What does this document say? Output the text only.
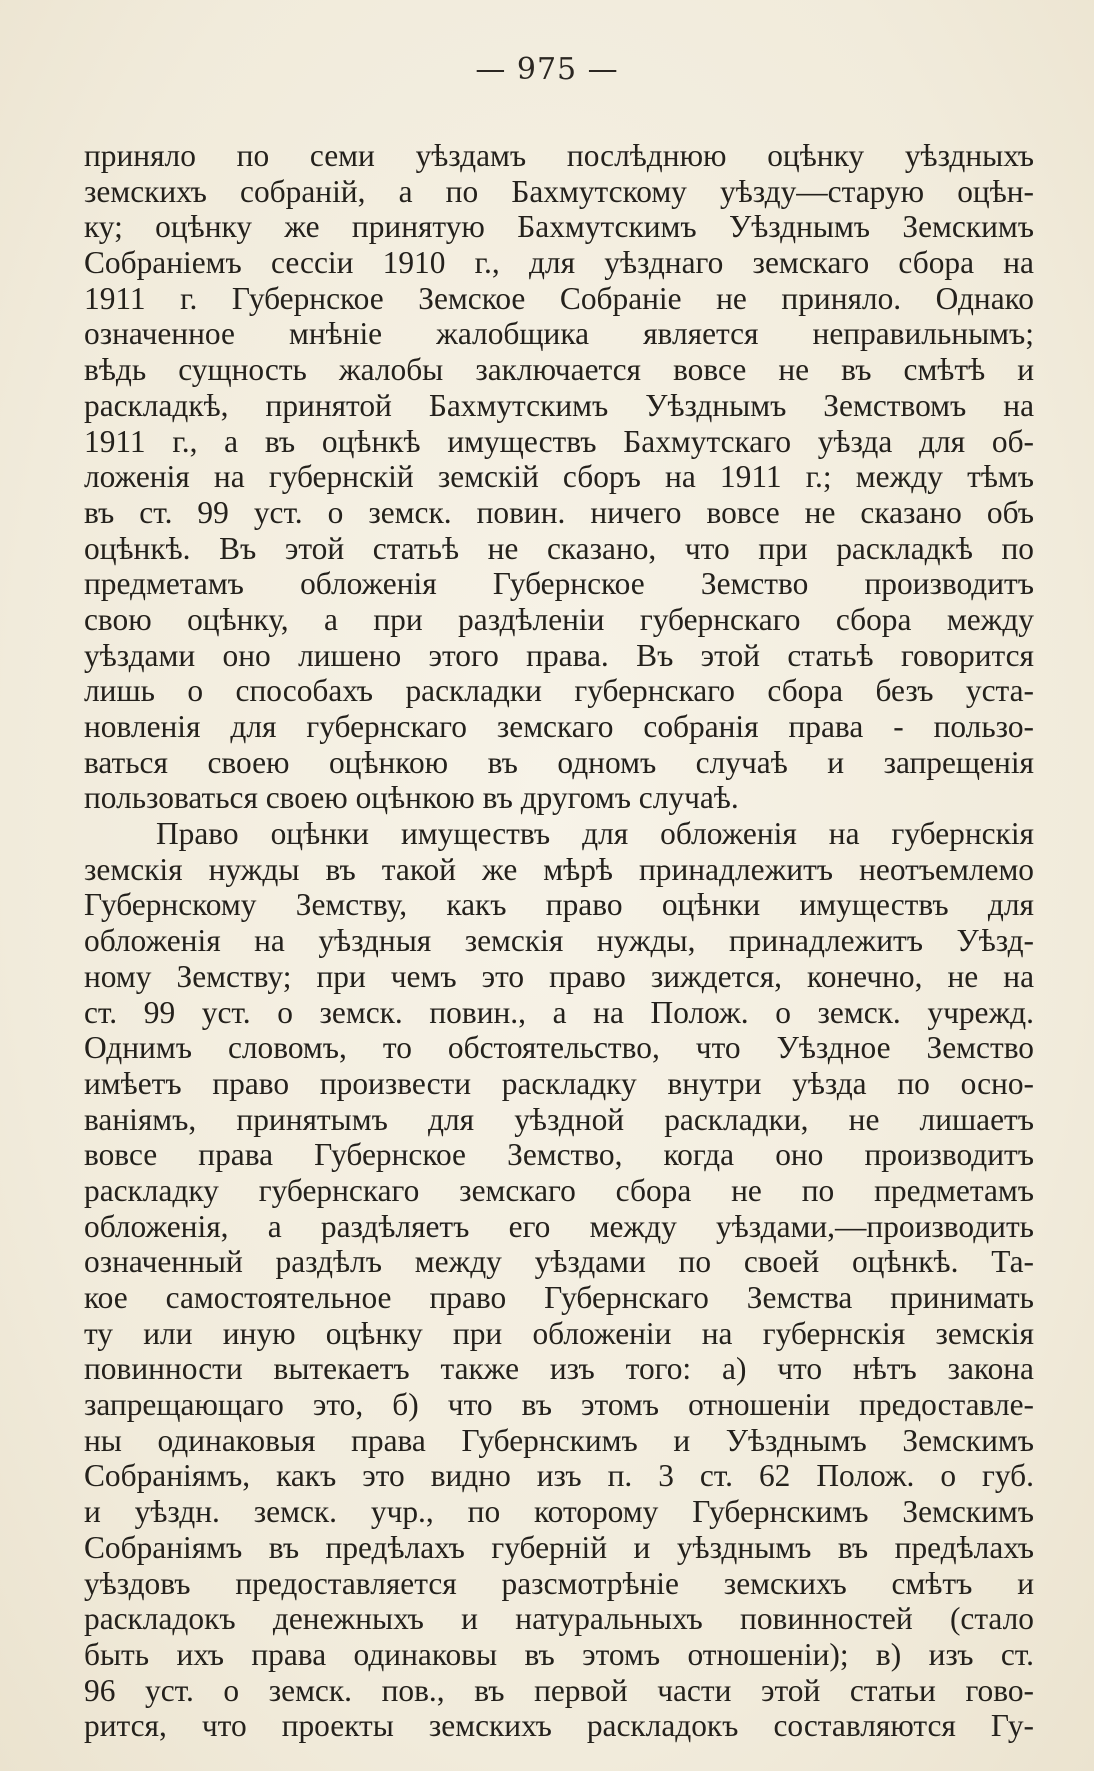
— 975 —
приняло по семи уѣздамъ послѣднюю оцѣнку уѣздныхъ
земскихъ собраній, а по Бахмутскому уѣзду—старую оцѣн-
ку; оцѣнку же принятую Бахмутскимъ Уѣзднымъ Земскимъ
Собраніемъ сессіи 1910 г., для уѣзднаго земскаго сбора на
1911 г. Губернское Земское Собраніе не приняло. Однако
означенное мнѣніе жалобщика является неправильнымъ;
вѣдь сущность жалобы заключается вовсе не въ смѣтѣ и
раскладкѣ, принятой Бахмутскимъ Уѣзднымъ Земствомъ на
1911 г., а въ оцѣнкѣ имуществъ Бахмутскаго уѣзда для об-
ложенія на губернскій земскій сборъ на 1911 г.; между тѣмъ
въ ст. 99 уст. о земск. повин. ничего вовсе не сказано объ
оцѣнкѣ. Въ этой статьѣ не сказано, что при раскладкѣ по
предметамъ обложенія Губернское Земство производитъ
свою оцѣнку, а при раздѣленіи губернскаго сбора между
уѣздами оно лишено этого права. Въ этой статьѣ говорится
лишь о способахъ раскладки губернскаго сбора безъ уста-
новленія для губернскаго земскаго собранія права - пользо-
ваться своею оцѣнкою въ одномъ случаѣ и запрещенія
пользоваться своею оцѣнкою въ другомъ случаѣ.
Право оцѣнки имуществъ для обложенія на губернскія
земскія нужды въ такой же мѣрѣ принадлежитъ неотъемлемо
Губернскому Земству, какъ право оцѣнки имуществъ для
обложенія на уѣздныя земскія нужды, принадлежитъ Уѣзд-
ному Земству; при чемъ это право зиждется, конечно, не на
ст. 99 уст. о земск. повин., а на Полож. о земск. учрежд.
Однимъ словомъ, то обстоятельство, что Уѣздное Земство
имѣетъ право произвести раскладку внутри уѣзда по осно-
ваніямъ, принятымъ для уѣздной раскладки, не лишаетъ
вовсе права Губернское Земство, когда оно производитъ
раскладку губернскаго земскаго сбора не по предметамъ
обложенія, а раздѣляетъ его между уѣздами,—производить
означенный раздѣлъ между уѣздами по своей оцѣнкѣ. Та-
кое самостоятельное право Губернскаго Земства принимать
ту или иную оцѣнку при обложеніи на губернскія земскія
повинности вытекаетъ также изъ того: а) что нѣтъ закона
запрещающаго это, б) что въ этомъ отношеніи предоставле-
ны одинаковыя права Губернскимъ и Уѣзднымъ Земскимъ
Собраніямъ, какъ это видно изъ п. 3 ст. 62 Полож. о губ.
и уѣздн. земск. учр., по которому Губернскимъ Земскимъ
Собраніямъ въ предѣлахъ губерній и уѣзднымъ въ предѣлахъ
уѣздовъ предоставляется разсмотрѣніе земскихъ смѣтъ и
раскладокъ денежныхъ и натуральныхъ повинностей (стало
быть ихъ права одинаковы въ этомъ отношеніи); в) изъ ст.
96 уст. о земск. пов., въ первой части этой статьи гово-
рится, что проекты земскихъ раскладокъ составляются Гу-
